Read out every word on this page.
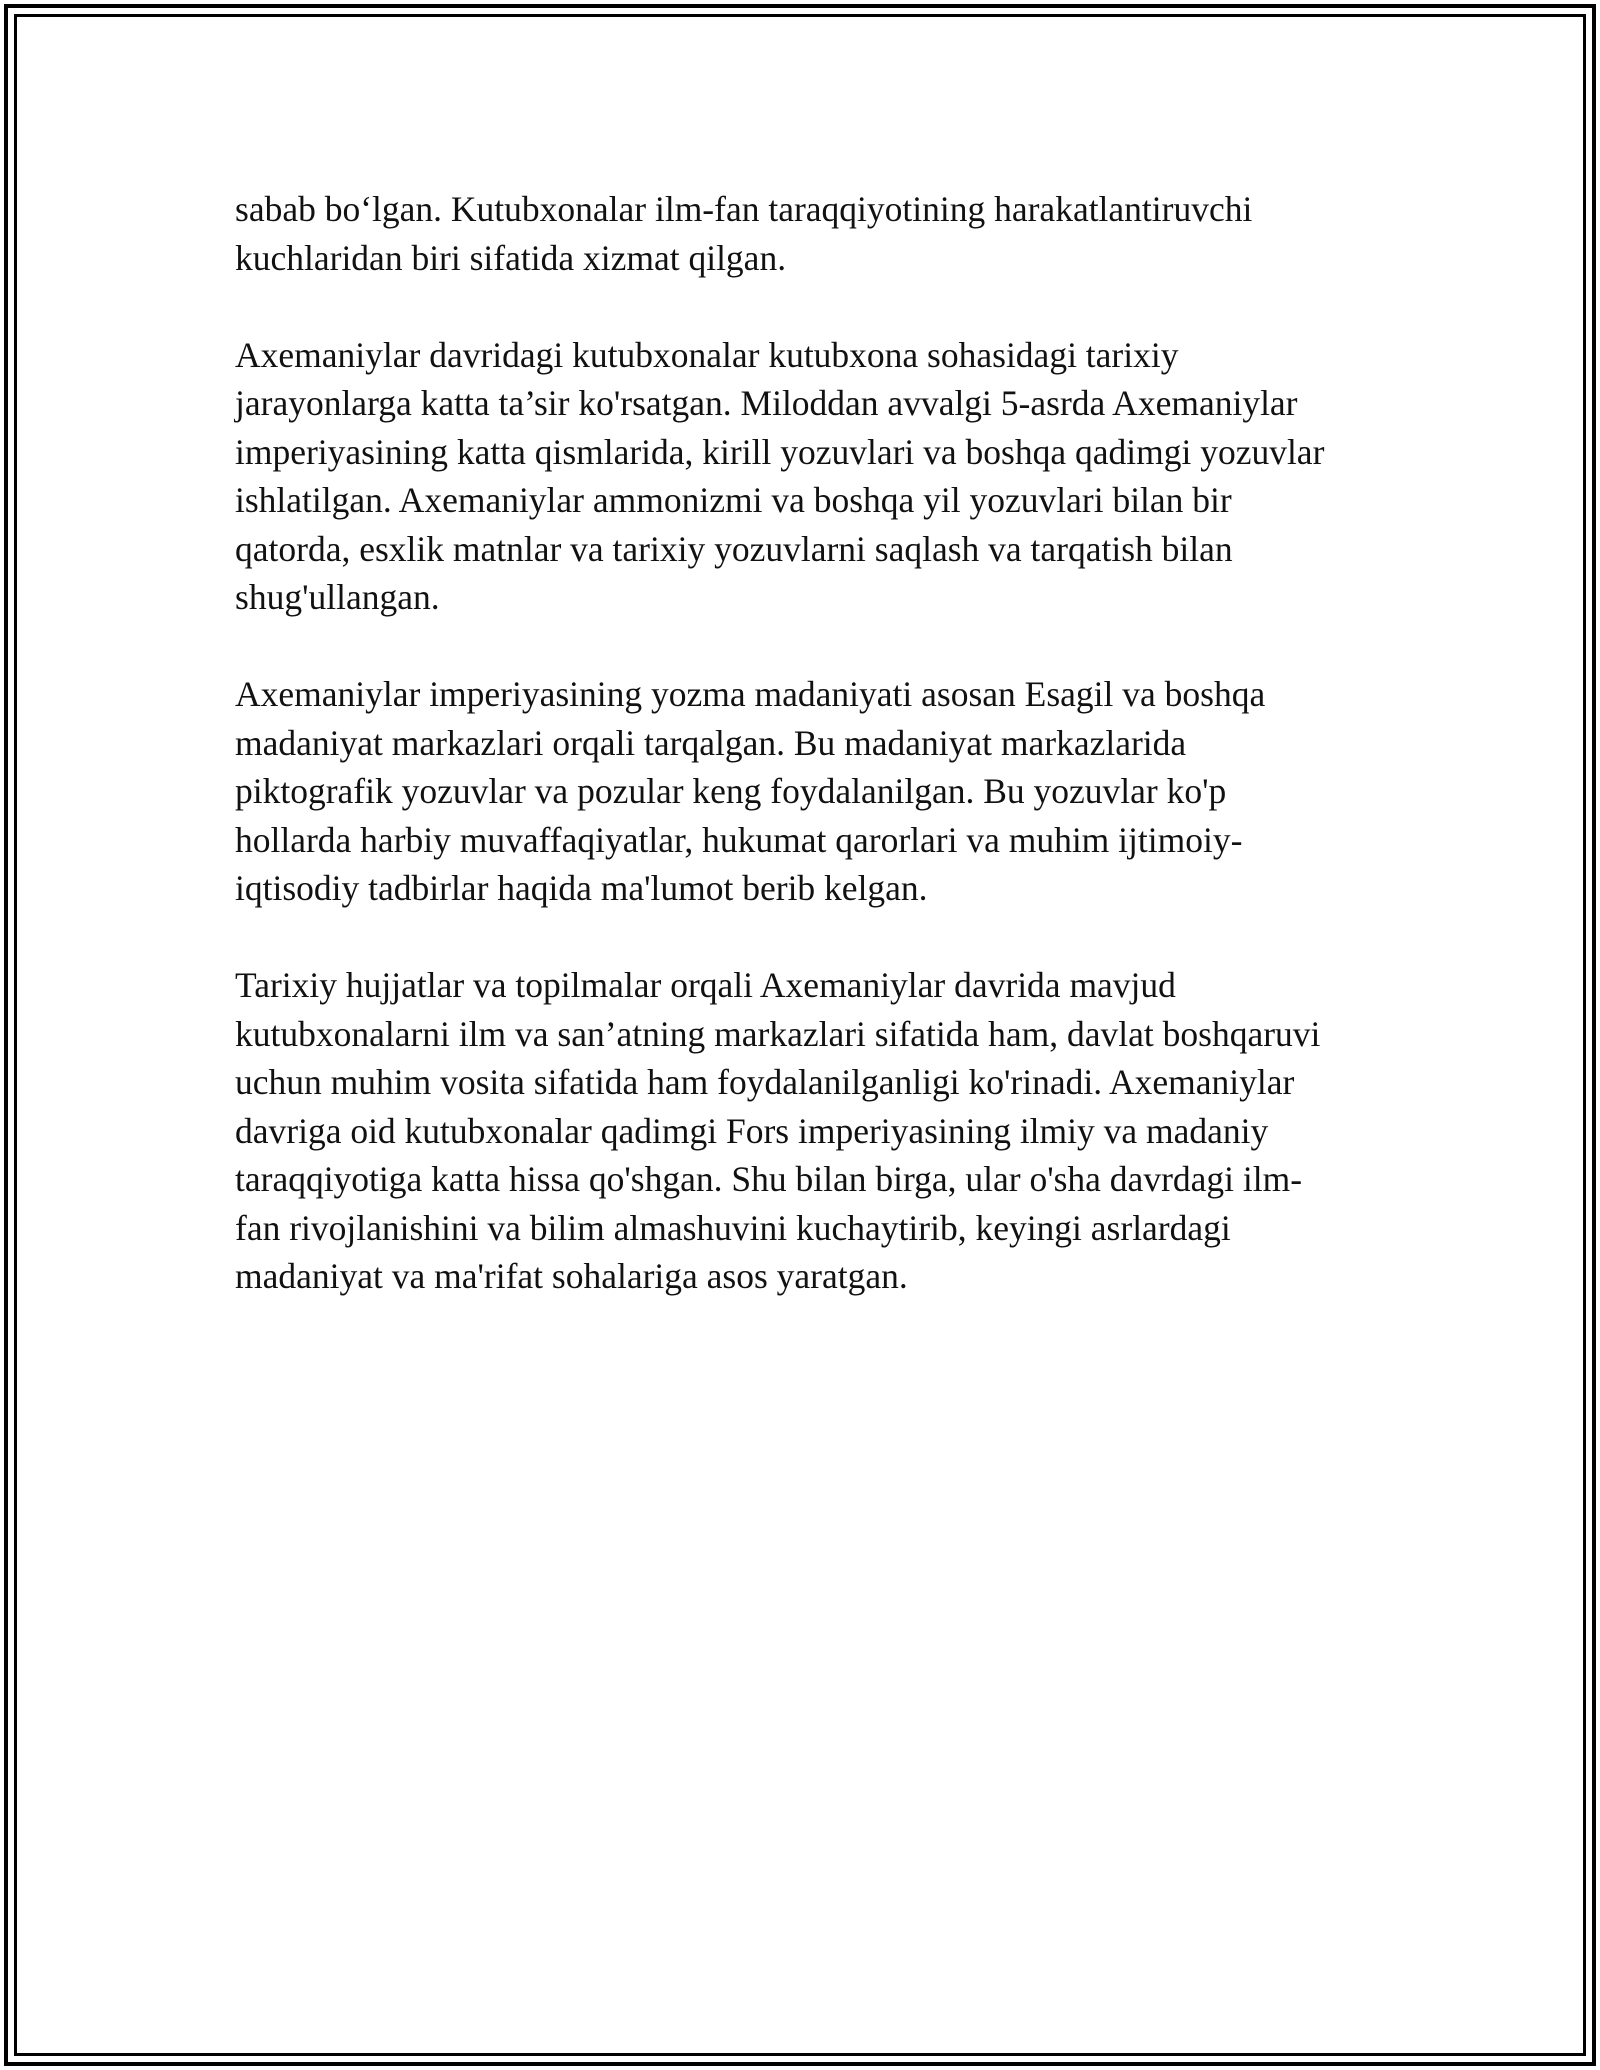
sabab bo‘lgan. Kutubxonalar ilm-fan taraqqiyotining harakatlantiruvchi
kuchlaridan biri sifatida xizmat qilgan.

Axemaniylar davridagi kutubxonalar kutubxona sohasidagi tarixiy
jarayonlarga katta ta’sir ko'rsatgan. Miloddan avvalgi 5-asrda Axemaniylar
imperiyasining katta qismlarida, kirill yozuvlari va boshqa qadimgi yozuvlar
ishlatilgan. Axemaniylar ammonizmi va boshqa yil yozuvlari bilan bir
qatorda, esxlik matnlar va tarixiy yozuvlarni saqlash va tarqatish bilan
shug'ullangan.

Axemaniylar imperiyasining yozma madaniyati asosan Esagil va boshqa
madaniyat markazlari orqali tarqalgan. Bu madaniyat markazlarida
piktografik yozuvlar va pozular keng foydalanilgan. Bu yozuvlar ko'p
hollarda harbiy muvaffaqiyatlar, hukumat qarorlari va muhim ijtimoiy-
iqtisodiy tadbirlar haqida ma'lumot berib kelgan.

Tarixiy hujjatlar va topilmalar orqali Axemaniylar davrida mavjud
kutubxonalarni ilm va san’atning markazlari sifatida ham, davlat boshqaruvi
uchun muhim vosita sifatida ham foydalanilganligi ko'rinadi. Axemaniylar
davriga oid kutubxonalar qadimgi Fors imperiyasining ilmiy va madaniy
taraqqiyotiga katta hissa qo'shgan. Shu bilan birga, ular o'sha davrdagi ilm-
fan rivojlanishini va bilim almashuvini kuchaytirib, keyingi asrlardagi
madaniyat va ma'rifat sohalariga asos yaratgan.
